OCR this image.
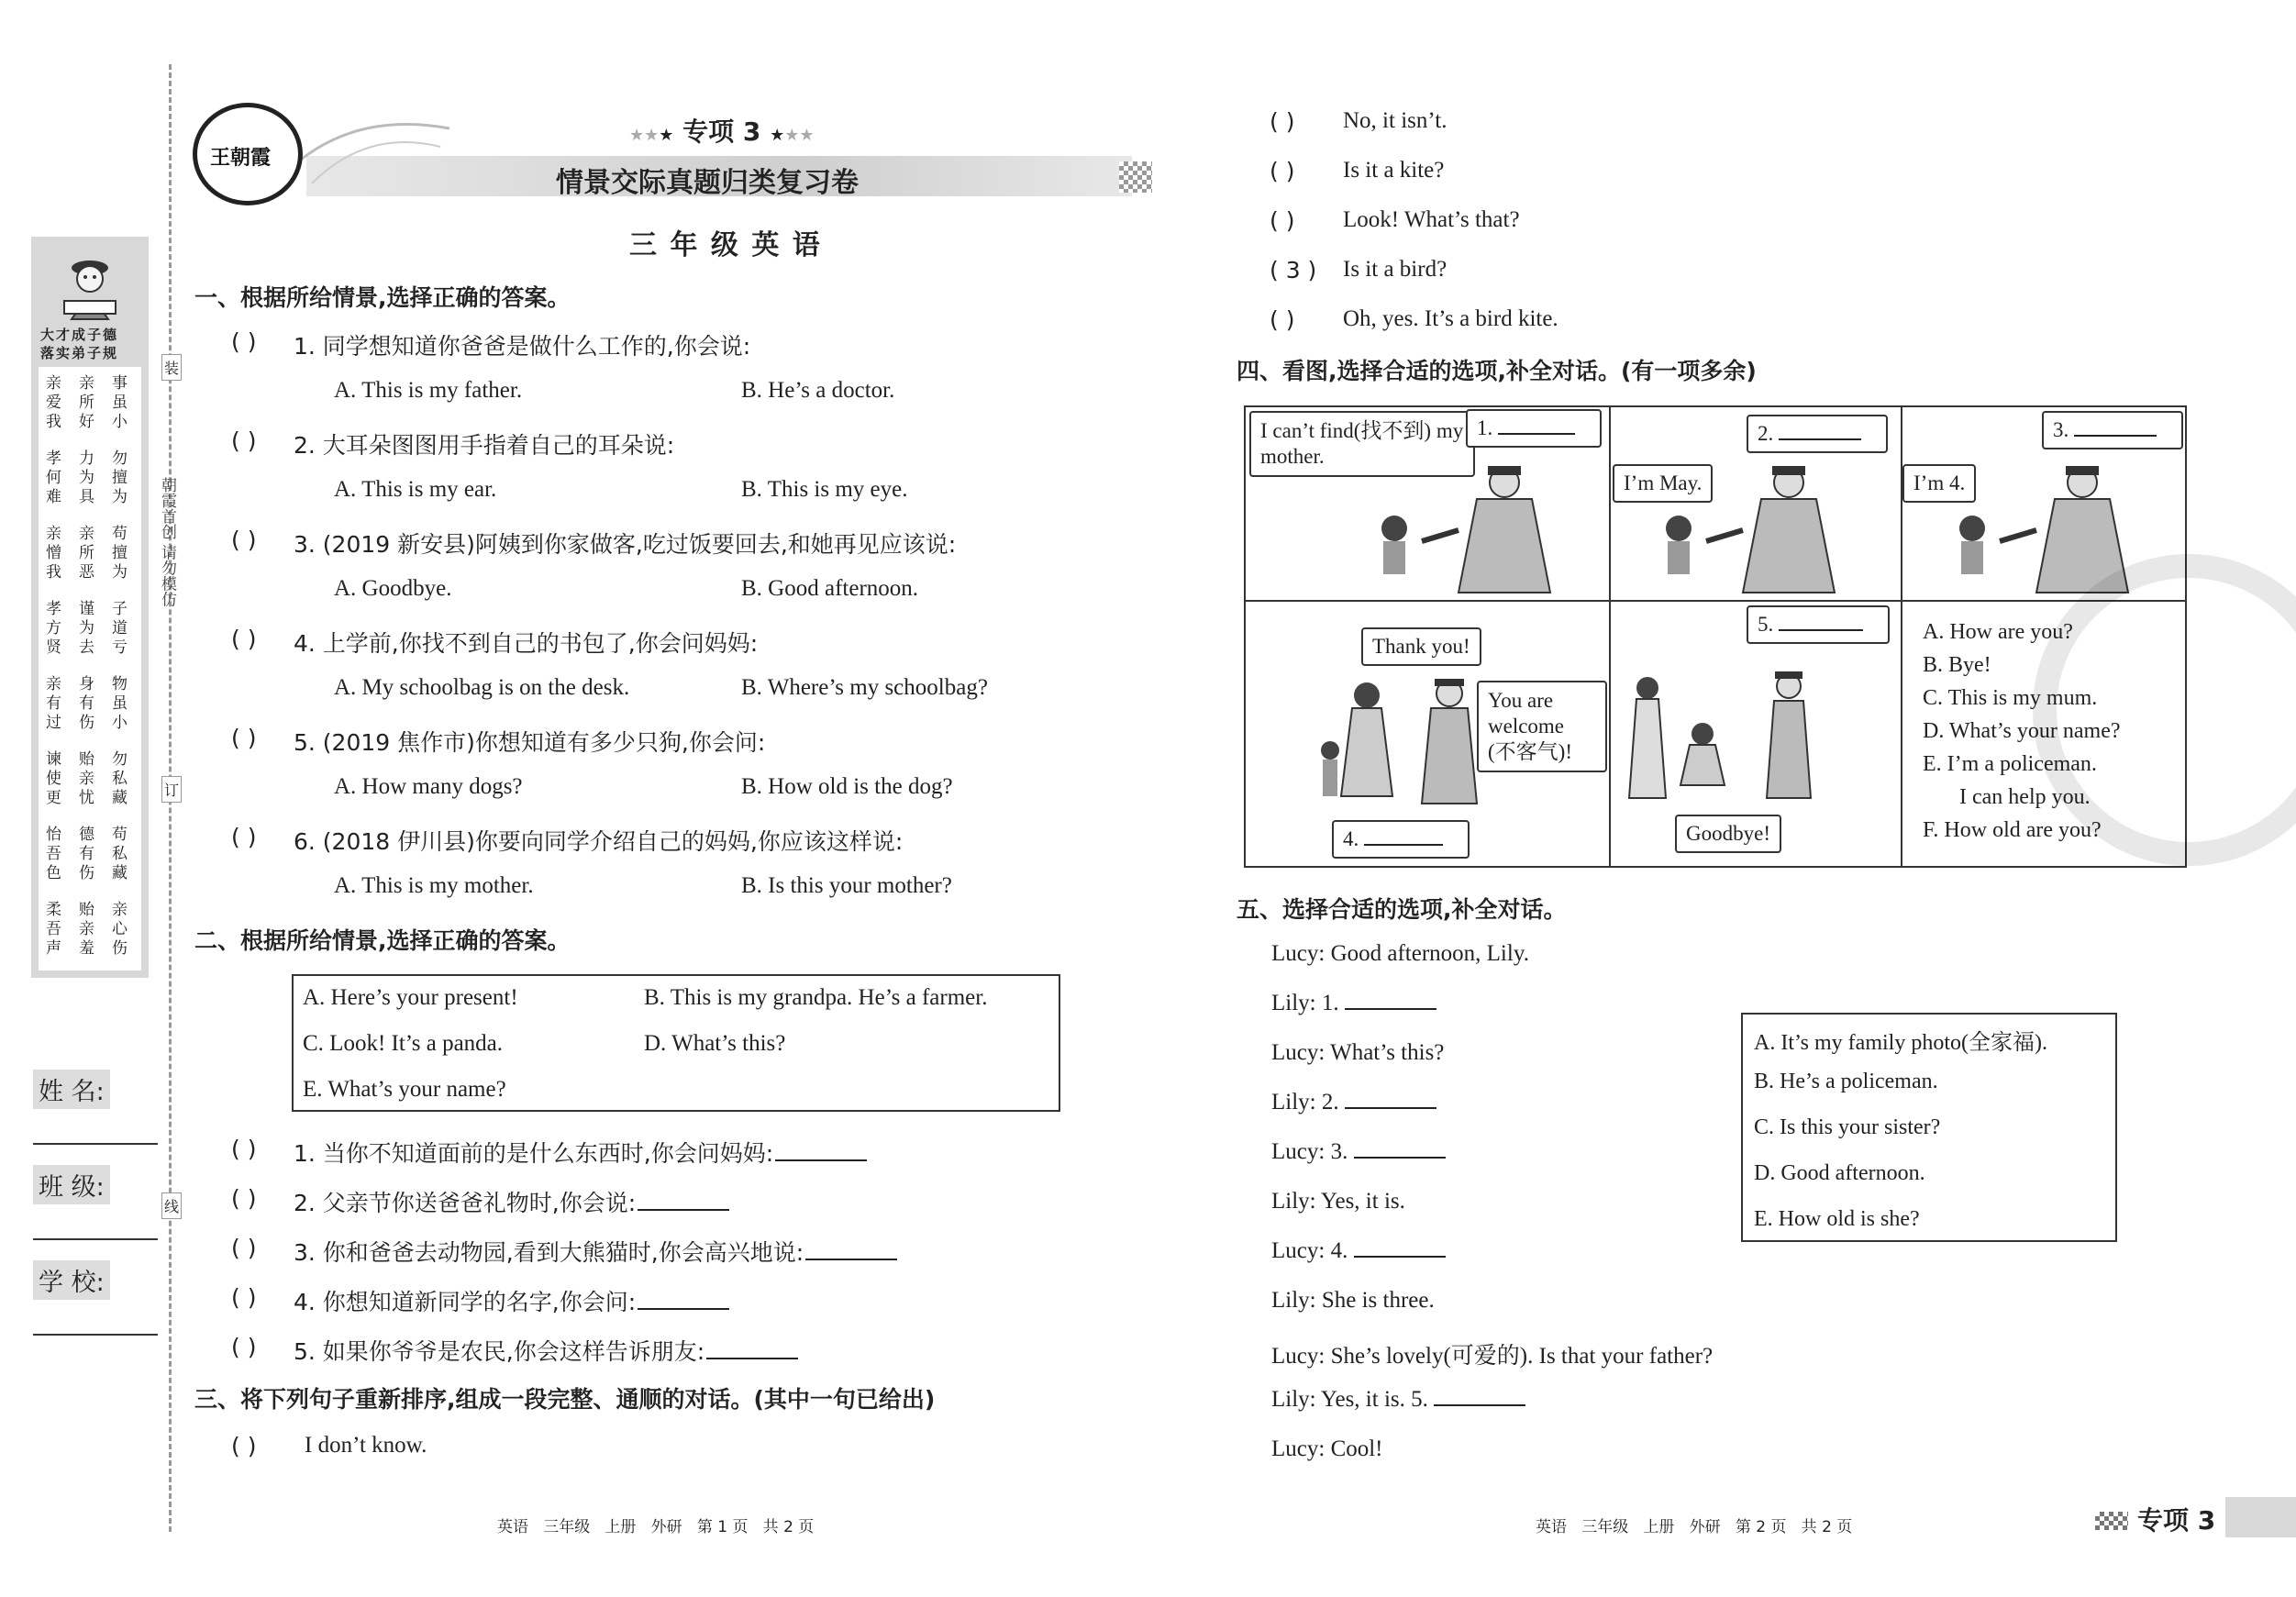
大才成子德
落实弟子规
亲爱我
亲所好
事虽小
孝何难
力为具
勿擅为
亲憎我
亲所恶
苟擅为
孝方贤
谨为去
子道亏
亲有过
身有伤
物虽小
谏使更
贻亲忧
勿私藏
怡吾色
德有伤
苟私藏
柔吾声
贻亲羞
亲心伤
装
朝霞首创 请勿模仿
订
线
姓 名:
班 级:
学 校:
王朝霞
★★★ 专项 3 ★★★
情景交际真题归类复习卷
三 年 级 英 语
一、根据所给情景,选择正确的答案。
( ) 1. 同学想知道你爸爸是做什么工作的,你会说:
A. This is my father.	B. He’s a doctor.
( ) 2. 大耳朵图图用手指着自己的耳朵说:
A. This is my ear.	B. This is my eye.
( ) 3. (2019 新安县)阿姨到你家做客,吃过饭要回去,和她再见应该说:
A. Goodbye.	B. Good afternoon.
( ) 4. 上学前,你找不到自己的书包了,你会问妈妈:
A. My schoolbag is on the desk.	B. Where’s my schoolbag?
( ) 5. (2019 焦作市)你想知道有多少只狗,你会问:
A. How many dogs?	B. How old is the dog?
( ) 6. (2018 伊川县)你要向同学介绍自己的妈妈,你应该这样说:
A. This is my mother.	B. Is this your mother?
二、根据所给情景,选择正确的答案。
A. Here’s your present!	B. This is my grandpa. He’s a farmer.
C. Look! It’s a panda.	D. What’s this?
E. What’s your name?
( ) 1. 当你不知道面前的是什么东西时,你会问妈妈:
( ) 2. 父亲节你送爸爸礼物时,你会说:
( ) 3. 你和爸爸去动物园,看到大熊猫时,你会高兴地说:
( ) 4. 你想知道新同学的名字,你会问:
( ) 5. 如果你爷爷是农民,你会这样告诉朋友:
三、将下列句子重新排序,组成一段完整、通顺的对话。(其中一句已给出)
( ) I don’t know.
( ) No, it isn’t.
( ) Is it a kite?
( ) Look! What’s that?
( 3 ) Is it a bird?
( ) Oh, yes. It’s a bird kite.
四、看图,选择合适的选项,补全对话。(有一项多余)
I can’t find(找不到) my mother.
1.
I’m May.
2.
I’m 4.
3.
Thank you!
You are welcome (不客气)!
4.
5.
Goodbye!
A. How are you?
B. Bye!
C. This is my mum.
D. What’s your name?
E. I’m a policeman.
I can help you.
F. How old are you?
五、选择合适的选项,补全对话。
Lucy: Good afternoon, Lily.
Lily: 1.
Lucy: What’s this?
Lily: 2.
Lucy: 3.
Lily: Yes, it is.
Lucy: 4.
Lily: She is three.
Lucy: She’s lovely(可爱的). Is that your father?
Lily: Yes, it is. 5.
Lucy: Cool!
A. It’s my family photo(全家福).
B. He’s a policeman.
C. Is this your sister?
D. Good afternoon.
E. How old is she?
英语   三年级   上册   外研   第 1 页   共 2 页	英语   三年级   上册   外研   第 2 页   共 2 页	专项 3
